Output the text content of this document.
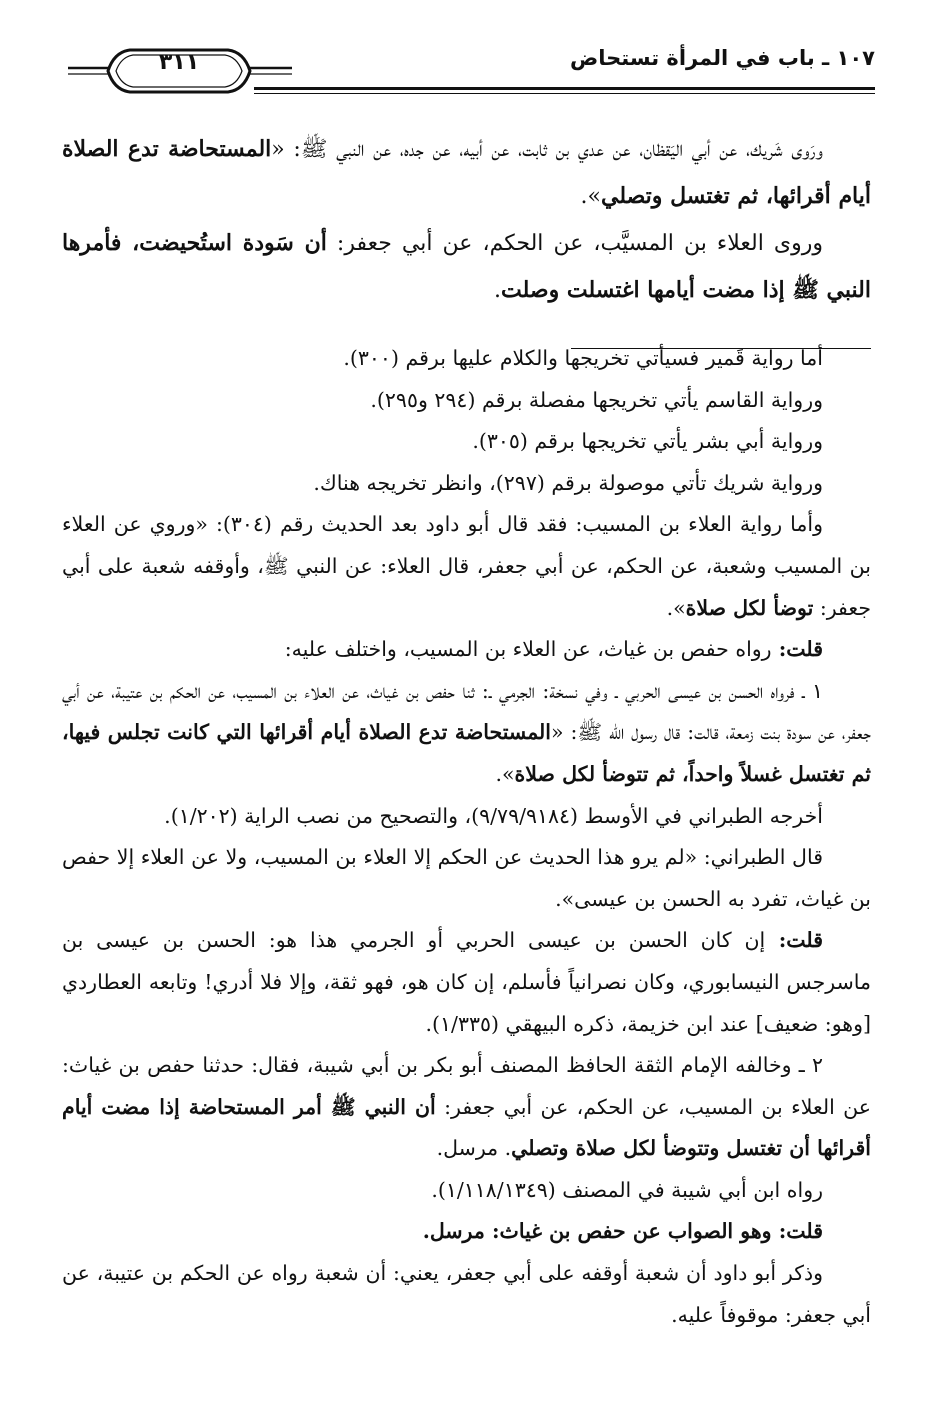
١٠٧ ـ باب في المرأة تستحاض
٣١١

ورَوى شَريك، عن أبي اليَقظان، عن عدي بن ثابت، عن أبيه، عن جده، عن النبي ﷺ: «المستحاضة تدع الصلاة أيام أقرائها، ثم تغتسل وتصلي».

وروى العلاء بن المسيَّب، عن الحكم، عن أبي جعفر: أن سَودة استُحيضت، فأمرها النبي ﷺ إذا مضت أيامها اغتسلت وصلت.

أما رواية قَمير فسيأتي تخريجها والكلام عليها برقم (٣٠٠).

ورواية القاسم يأتي تخريجها مفصلة برقم (٢٩٤ و٢٩٥).

ورواية أبي بشر يأتي تخريجها برقم (٣٠٥).

ورواية شريك تأتي موصولة برقم (٢٩٧)، وانظر تخريجه هناك.

وأما رواية العلاء بن المسيب: فقد قال أبو داود بعد الحديث رقم (٣٠٤): «وروي عن العلاء بن المسيب وشعبة، عن الحكم، عن أبي جعفر، قال العلاء: عن النبي ﷺ، وأوقفه شعبة على أبي جعفر: توضأ لكل صلاة».

قلت: رواه حفص بن غياث، عن العلاء بن المسيب، واختلف عليه:

١ ـ فرواه الحسن بن عيسى الحربي ـ وفي نسخة: الجرمي ـ: ثنا حفص بن غياث، عن العلاء بن المسيب، عن الحكم بن عتيبة، عن أبي جعفر، عن سودة بنت زمعة، قالت: قال رسول الله ﷺ: «المستحاضة تدع الصلاة أيام أقرائها التي كانت تجلس فيها، ثم تغتسل غسلاً واحداً، ثم تتوضأ لكل صلاة».

أخرجه الطبراني في الأوسط (٩/٧٩/٩١٨٤)، والتصحيح من نصب الراية (١/٢٠٢).

قال الطبراني: «لم يرو هذا الحديث عن الحكم إلا العلاء بن المسيب، ولا عن العلاء إلا حفص بن غياث، تفرد به الحسن بن عيسى».

قلت: إن كان الحسن بن عيسى الحربي أو الجرمي هذا هو: الحسن بن عيسى بن ماسرجس النيسابوري، وكان نصرانياً فأسلم، إن كان هو، فهو ثقة، وإلا فلا أدري! وتابعه العطاردي [وهو: ضعيف] عند ابن خزيمة، ذكره البيهقي (١/٣٣٥).

٢ ـ وخالفه الإمام الثقة الحافظ المصنف أبو بكر بن أبي شيبة، فقال: حدثنا حفص بن غياث: عن العلاء بن المسيب، عن الحكم، عن أبي جعفر: أن النبي ﷺ أمر المستحاضة إذا مضت أيام أقرائها أن تغتسل وتتوضأ لكل صلاة وتصلي. مرسل.

رواه ابن أبي شيبة في المصنف (١/١١٨/١٣٤٩).

قلت: وهو الصواب عن حفص بن غياث: مرسل.

وذكر أبو داود أن شعبة أوقفه على أبي جعفر، يعني: أن شعبة رواه عن الحكم بن عتيبة، عن أبي جعفر: موقوفاً عليه.
